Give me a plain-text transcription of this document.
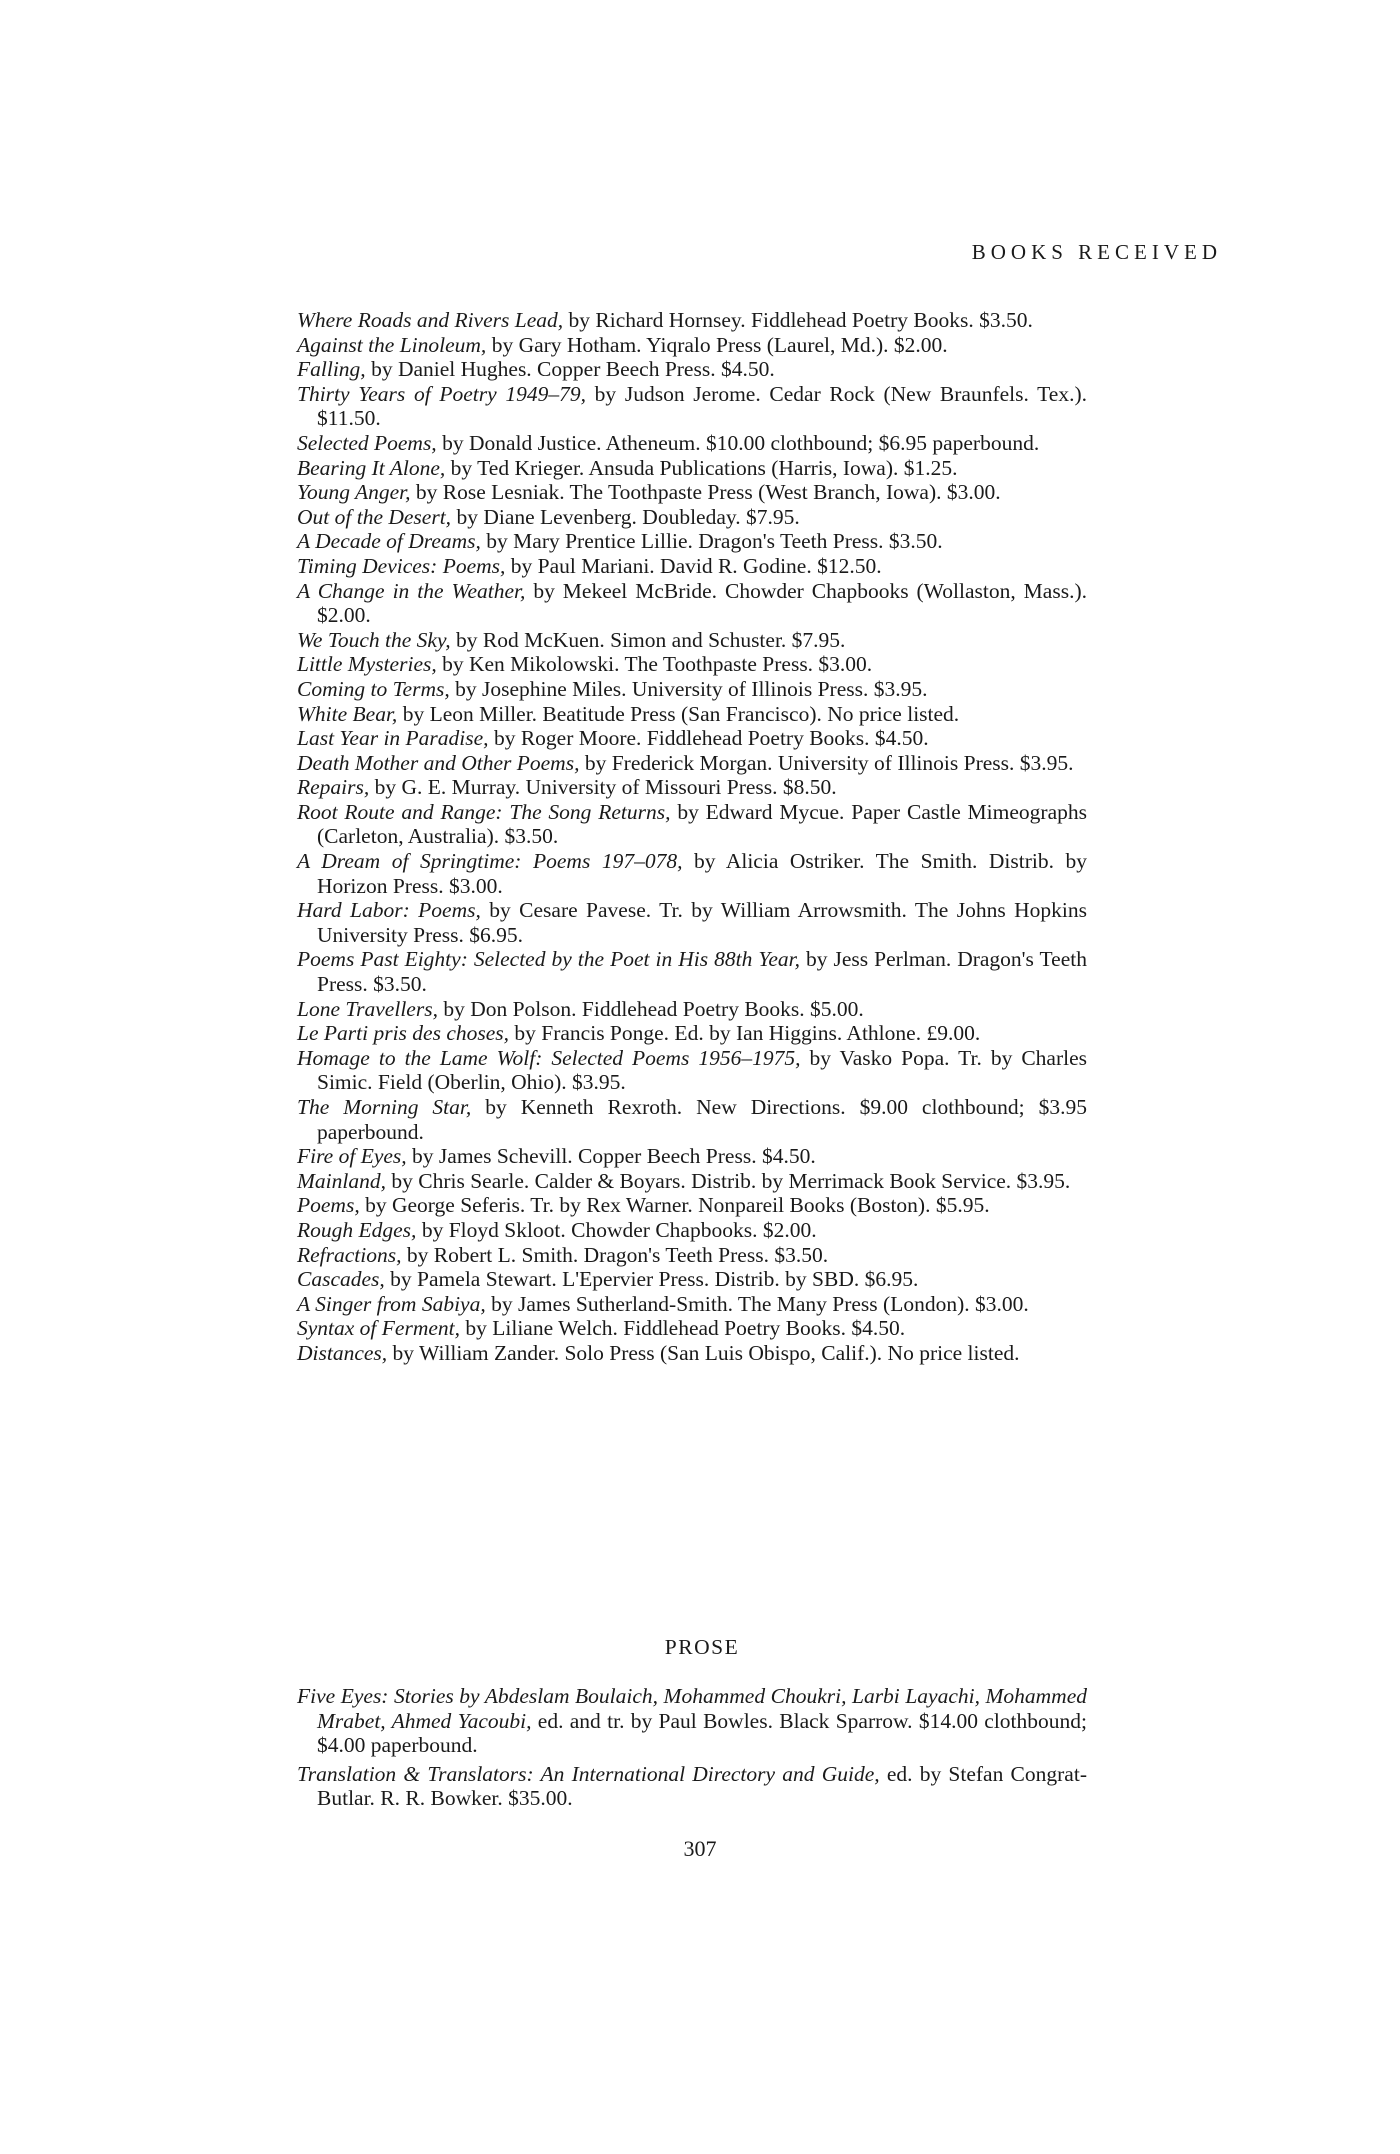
BOOKS RECEIVED
Where Roads and Rivers Lead, by Richard Hornsey. Fiddlehead Poetry Books. $3.50.
Against the Linoleum, by Gary Hotham. Yiqralo Press (Laurel, Md.). $2.00.
Falling, by Daniel Hughes. Copper Beech Press. $4.50.
Thirty Years of Poetry 1949–79, by Judson Jerome. Cedar Rock (New Braunfels. Tex.). $11.50.
Selected Poems, by Donald Justice. Atheneum. $10.00 clothbound; $6.95 paperbound.
Bearing It Alone, by Ted Krieger. Ansuda Publications (Harris, Iowa). $1.25.
Young Anger, by Rose Lesniak. The Toothpaste Press (West Branch, Iowa). $3.00.
Out of the Desert, by Diane Levenberg. Doubleday. $7.95.
A Decade of Dreams, by Mary Prentice Lillie. Dragon's Teeth Press. $3.50.
Timing Devices: Poems, by Paul Mariani. David R. Godine. $12.50.
A Change in the Weather, by Mekeel McBride. Chowder Chapbooks (Wollaston, Mass.). $2.00.
We Touch the Sky, by Rod McKuen. Simon and Schuster. $7.95.
Little Mysteries, by Ken Mikolowski. The Toothpaste Press. $3.00.
Coming to Terms, by Josephine Miles. University of Illinois Press. $3.95.
White Bear, by Leon Miller. Beatitude Press (San Francisco). No price listed.
Last Year in Paradise, by Roger Moore. Fiddlehead Poetry Books. $4.50.
Death Mother and Other Poems, by Frederick Morgan. University of Illinois Press. $3.95.
Repairs, by G. E. Murray. University of Missouri Press. $8.50.
Root Route and Range: The Song Returns, by Edward Mycue. Paper Castle Mimeographs (Carleton, Australia). $3.50.
A Dream of Springtime: Poems 197–078, by Alicia Ostriker. The Smith. Distrib. by Horizon Press. $3.00.
Hard Labor: Poems, by Cesare Pavese. Tr. by William Arrowsmith. The Johns Hopkins University Press. $6.95.
Poems Past Eighty: Selected by the Poet in His 88th Year, by Jess Perlman. Dragon's Teeth Press. $3.50.
Lone Travellers, by Don Polson. Fiddlehead Poetry Books. $5.00.
Le Parti pris des choses, by Francis Ponge. Ed. by Ian Higgins. Athlone. £9.00.
Homage to the Lame Wolf: Selected Poems 1956–1975, by Vasko Popa. Tr. by Charles Simic. Field (Oberlin, Ohio). $3.95.
The Morning Star, by Kenneth Rexroth. New Directions. $9.00 clothbound; $3.95 paperbound.
Fire of Eyes, by James Schevill. Copper Beech Press. $4.50.
Mainland, by Chris Searle. Calder & Boyars. Distrib. by Merrimack Book Service. $3.95.
Poems, by George Seferis. Tr. by Rex Warner. Nonpareil Books (Boston). $5.95.
Rough Edges, by Floyd Skloot. Chowder Chapbooks. $2.00.
Refractions, by Robert L. Smith. Dragon's Teeth Press. $3.50.
Cascades, by Pamela Stewart. L'Epervier Press. Distrib. by SBD. $6.95.
A Singer from Sabiya, by James Sutherland-Smith. The Many Press (London). $3.00.
Syntax of Ferment, by Liliane Welch. Fiddlehead Poetry Books. $4.50.
Distances, by William Zander. Solo Press (San Luis Obispo, Calif.). No price listed.
PROSE
Five Eyes: Stories by Abdeslam Boulaich, Mohammed Choukri, Larbi Layachi, Mohammed Mrabet, Ahmed Yacoubi, ed. and tr. by Paul Bowles. Black Sparrow. $14.00 clothbound; $4.00 paperbound.
Translation & Translators: An International Directory and Guide, ed. by Stefan Congrat-Butlar. R. R. Bowker. $35.00.

307
